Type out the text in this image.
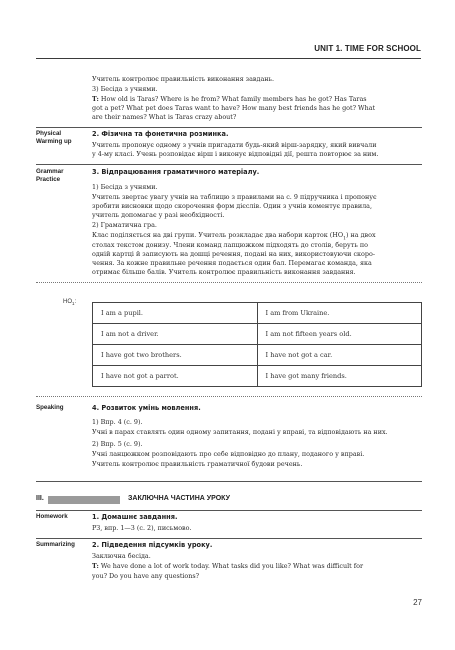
UNIT 1. TIME FOR SCHOOL
Учитель контролює правильність виконання завдань.
3) Бесіда з учнями.
T: How old is Taras? Where is he from? What family members has he got? Has Taras
got a pet? What pet does Taras want to have? How many best friends has he got? What
are their names? What is Taras crazy about?
Physical
Warming up
2. Фізична та фонетична розминка.
Учитель пропонує одному з учнів пригадати будь-який вірш-зарядку, який вивчали
у 4-му класі. Учень розповідає вірш і виконує відповідні дії, решта повторює за ним.
Grammar
Practice
3. Відпрацювання граматичного матеріалу.
1) Бесіда з учнями.
Учитель звертає увагу учнів на таблицю з правилами на с. 9 підручника і пропонує
зробити висновки щодо скорочення форм дієслів. Один з учнів коментує правила,
учитель допомагає у разі необхідності.
2) Граматична гра.
Клас поділяється на дві групи. Учитель розкладає два набори карток $(НО_1)$ на двох
столах текстом донизу. Члени команд лапцюжком підходять до столів, беруть по
одній картці й записують на дошці речення, подані на них, використовуючи скоро-
чення. За кожне правильне речення подається один бал. Перемагає команда, яка
отримає більше балів. Учитель контролює правильність виконання завдання.
$HO_1$:
I am a pupil.	I am from Ukraine.
I am not a driver.	I am not fifteen years old.
I have got two brothers.	I have not got a car.
I have not got a parrot.	I have got many friends.
Speaking	4. Розвиток умінь мовлення.
1) Впр. 4 (с. 9).
Учні в парах ставлять один одному запитання, подані у вправі, та відповідають на них.
2) Впр. 5 (с. 9).
Учні ланцюжком розповідають про себе відповідно до плану, поданого у вправі.
Учитель контролює правильність граматичної будови речень.
III.	ЗАКЛЮЧНА ЧАСТИНА УРОКУ
Homework	1. Домашнє завдання.
РЗ, впр. 1—3 (с. 2), письмово.
Summarizing	2. Підведення підсумків уроку.
Заключна бесіда.
T: We have done a lot of work today. What tasks did you like? What was difficult for
you? Do you have any questions?
27
